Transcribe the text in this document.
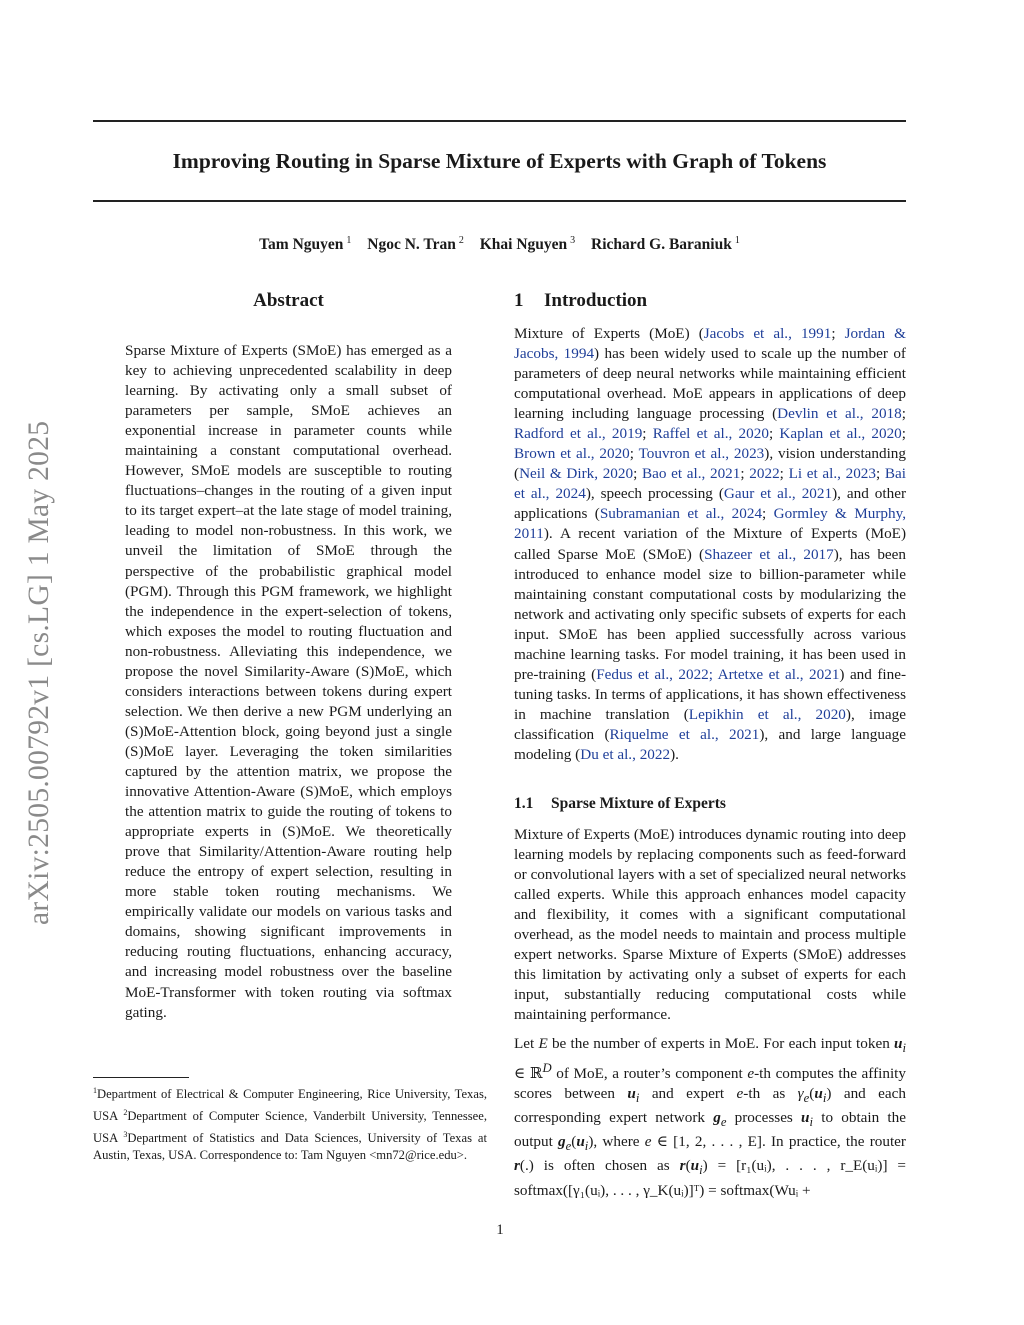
Improving Routing in Sparse Mixture of Experts with Graph of Tokens
Tam Nguyen $^1$ Ngoc N. Tran $^2$ Khai Nguyen $^3$ Richard G. Baraniuk $^1$
arXiv:2505.00792v1 [cs.LG] 1 May 2025
Abstract

Sparse Mixture of Experts (SMoE) has emerged as a key to achieving unprecedented scalability in deep learning. By activating only a small subset of parameters per sample, SMoE achieves an exponential increase in parameter counts while maintaining a constant computational overhead. However, SMoE models are susceptible to routing fluctuations–changes in the routing of a given input to its target expert–at the late stage of model training, leading to model non-robustness. In this work, we unveil the limitation of SMoE through the perspective of the probabilistic graphical model (PGM). Through this PGM framework, we highlight the independence in the expert-selection of tokens, which exposes the model to routing fluctuation and non-robustness. Alleviating this independence, we propose the novel Similarity-Aware (S)MoE, which considers interactions between tokens during expert selection. We then derive a new PGM underlying an (S)MoE-Attention block, going beyond just a single (S)MoE layer. Leveraging the token similarities captured by the attention matrix, we propose the innovative Attention-Aware (S)MoE, which employs the attention matrix to guide the routing of tokens to appropriate experts in (S)MoE. We theoretically prove that Similarity/Attention-Aware routing help reduce the entropy of expert selection, resulting in more stable token routing mechanisms. We empirically validate our models on various tasks and domains, showing significant improvements in reducing routing fluctuations, enhancing accuracy, and increasing model robustness over the baseline MoE-Transformer with token routing via softmax gating.

1 Introduction

Mixture of Experts (MoE) (Jacobs et al., 1991; Jordan & Jacobs, 1994) has been widely used to scale up the number of parameters of deep neural networks while maintaining efficient computational overhead. MoE appears in applications of deep learning including language processing (Devlin et al., 2018; Radford et al., 2019; Raffel et al., 2020; Kaplan et al., 2020; Brown et al., 2020; Touvron et al., 2023), vision understanding (Neil & Dirk, 2020; Bao et al., 2021; 2022; Li et al., 2023; Bai et al., 2024), speech processing (Gaur et al., 2021), and other applications (Subramanian et al., 2024; Gormley & Murphy, 2011). A recent variation of the Mixture of Experts (MoE) called Sparse MoE (SMoE) (Shazeer et al., 2017), has been introduced to enhance model size to billion-parameter while maintaining constant computational costs by modularizing the network and activating only specific subsets of experts for each input. SMoE has been applied successfully across various machine learning tasks. For model training, it has been used in pre-training (Fedus et al., 2022; Artetxe et al., 2021) and fine-tuning tasks. In terms of applications, it has shown effectiveness in machine translation (Lepikhin et al., 2020), image classification (Riquelme et al., 2021), and large language modeling (Du et al., 2022).

1.1 Sparse Mixture of Experts

Mixture of Experts (MoE) introduces dynamic routing into deep learning models by replacing components such as feed-forward or convolutional layers with a set of specialized neural networks called experts. While this approach enhances model capacity and flexibility, it comes with a significant computational overhead, as the model needs to maintain and process multiple expert networks. Sparse Mixture of Experts (SMoE) addresses this limitation by activating only a subset of experts for each input, substantially reducing computational costs while maintaining performance.

Let E be the number of experts in MoE. For each input token $u_i$ ∈ ℝ$^D$ of MoE, a router’s component e-th computes the affinity scores between $u_i$ and expert e-th as $\gamma_e(u_i)$ and each corresponding expert network $g_e$ processes $u_i$ to obtain the output $g_e(u_i)$, where e ∈ [1, 2, . . . , E]. In practice, the router r(.) is often chosen as $r(u_i)$ = [r₁(uᵢ), . . . , r_E(uᵢ)] = softmax([γ₁(uᵢ), . . . , γ_K(uᵢ)]ᵀ) = softmax(Wuᵢ +

$^1$Department of Electrical & Computer Engineering, Rice University, Texas, USA $^2$Department of Computer Science, Vanderbilt University, Tennessee, USA $^3$Department of Statistics and Data Sciences, University of Texas at Austin, Texas, USA. Correspondence to: Tam Nguyen <mn72@rice.edu>.
1
